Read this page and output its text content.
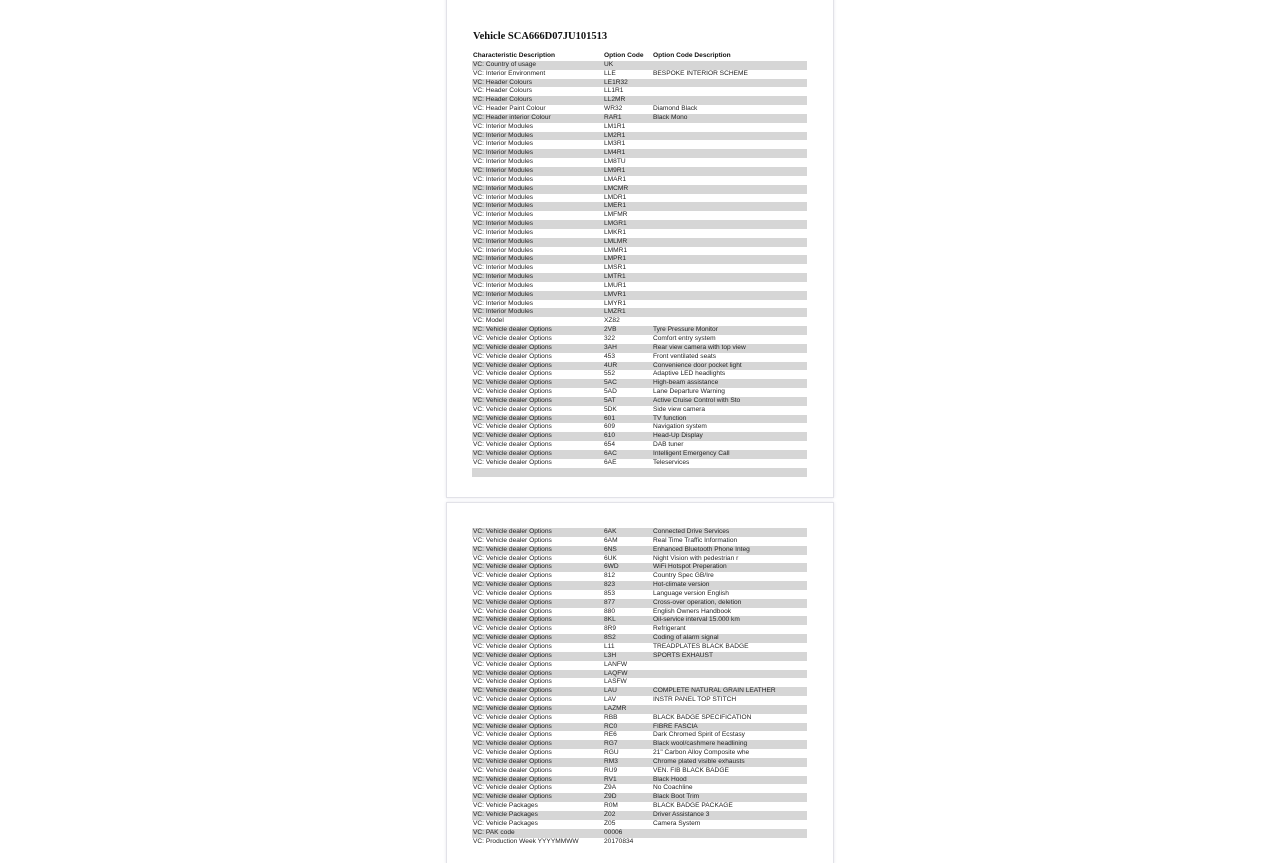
Vehicle SCA666D07JU101513
Characteristic Description	Option Code	Option Code Description
VC: Country of usage	UK	
VC: Interior Environment	LLE	BESPOKE INTERIOR SCHEME
VC: Header Colours	LE1R32	
VC: Header Colours	LL1R1	
VC: Header Colours	LL2MR	
VC: Header Paint Colour	WR32	Diamond Black
VC: Header interior Colour	RAR1	Black Mono
VC: Interior Modules	LM1R1	
VC: Interior Modules	LM2R1	
VC: Interior Modules	LM3R1	
VC: Interior Modules	LM4R1	
VC: Interior Modules	LM8TU	
VC: Interior Modules	LM9R1	
VC: Interior Modules	LMAR1	
VC: Interior Modules	LMCMR	
VC: Interior Modules	LMDR1	
VC: Interior Modules	LMER1	
VC: Interior Modules	LMFMR	
VC: Interior Modules	LMGR1	
VC: Interior Modules	LMKR1	
VC: Interior Modules	LMLMR	
VC: Interior Modules	LMMR1	
VC: Interior Modules	LMPR1	
VC: Interior Modules	LMSR1	
VC: Interior Modules	LMTR1	
VC: Interior Modules	LMUR1	
VC: Interior Modules	LMVR1	
VC: Interior Modules	LMYR1	
VC: Interior Modules	LMZR1	
VC: Model	XZ82	
VC: Vehicle dealer Options	2VB	Tyre Pressure Monitor
VC: Vehicle dealer Options	322	Comfort entry system
VC: Vehicle dealer Options	3AH	Rear view camera with top view
VC: Vehicle dealer Options	453	Front ventilated seats
VC: Vehicle dealer Options	4UR	Convenience door pocket light
VC: Vehicle dealer Options	552	Adaptive LED headlights
VC: Vehicle dealer Options	5AC	High-beam assistance
VC: Vehicle dealer Options	5AD	Lane Departure Warning
VC: Vehicle dealer Options	5AT	Active Cruise Control with Sto
VC: Vehicle dealer Options	5DK	Side view camera
VC: Vehicle dealer Options	601	TV function
VC: Vehicle dealer Options	609	Navigation system
VC: Vehicle dealer Options	610	Head-Up Display
VC: Vehicle dealer Options	654	DAB tuner
VC: Vehicle dealer Options	6AC	Intelligent Emergency Call
VC: Vehicle dealer Options	6AE	Teleservices

VC: Vehicle dealer Options	6AK	Connected Drive Services
VC: Vehicle dealer Options	6AM	Real Time Traffic Information
VC: Vehicle dealer Options	6NS	Enhanced Bluetooth Phone Integ
VC: Vehicle dealer Options	6UK	Night Vision with pedestrian r
VC: Vehicle dealer Options	6WD	WiFi Hotspot Preperation
VC: Vehicle dealer Options	812	Country Spec GB/Ire
VC: Vehicle dealer Options	823	Hot-climate version
VC: Vehicle dealer Options	853	Language version English
VC: Vehicle dealer Options	877	Cross-over operation, deletion
VC: Vehicle dealer Options	880	English Owners Handbook
VC: Vehicle dealer Options	8KL	Oil-service interval 15.000 km
VC: Vehicle dealer Options	8R9	Refrigerant
VC: Vehicle dealer Options	8S2	Coding of alarm signal
VC: Vehicle dealer Options	L11	TREADPLATES BLACK BADGE
VC: Vehicle dealer Options	L3H	SPORTS EXHAUST
VC: Vehicle dealer Options	LANFW	
VC: Vehicle dealer Options	LAQFW	
VC: Vehicle dealer Options	LASFW	
VC: Vehicle dealer Options	LAU	COMPLETE NATURAL GRAIN LEATHER
VC: Vehicle dealer Options	LAV	INSTR PANEL TOP STITCH
VC: Vehicle dealer Options	LAZMR	
VC: Vehicle dealer Options	RBB	BLACK BADGE SPECIFICATION
VC: Vehicle dealer Options	RC0	FIBRE FASCIA
VC: Vehicle dealer Options	RE6	Dark Chromed Spirit of Ecstasy
VC: Vehicle dealer Options	RG7	Black wool/cashmere headlining
VC: Vehicle dealer Options	RGU	21" Carbon Alloy Composite whe
VC: Vehicle dealer Options	RM3	Chrome plated visible exhausts
VC: Vehicle dealer Options	RU9	VEN. FIB BLACK BADGE
VC: Vehicle dealer Options	RV1	Black Hood
VC: Vehicle dealer Options	Z9A	No Coachline
VC: Vehicle dealer Options	Z9D	Black Boot Trim
VC: Vehicle Packages	R0M	BLACK BADGE PACKAGE
VC: Vehicle Packages	Z02	Driver Assistance 3
VC: Vehicle Packages	Z05	Camera System
VC: PAK code	00006	
VC: Production Week YYYYMMWW	20170834	
